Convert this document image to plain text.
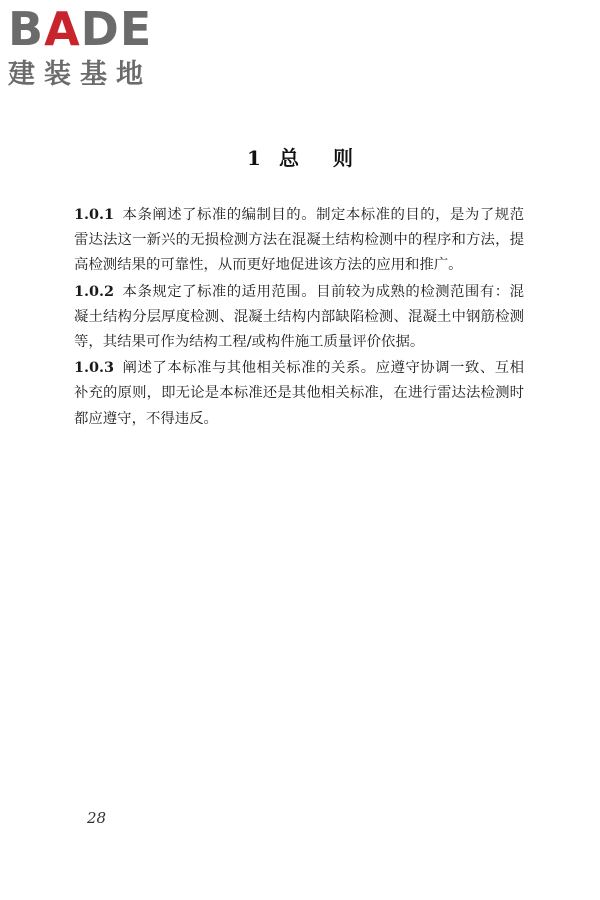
BADE
建装基地
1 总 则

1.0.1 本条阐述了标准的编制目的。制定本标准的目的，是为了规范雷达法这一新兴的无损检测方法在混凝土结构检测中的程序和方法，提高检测结果的可靠性，从而更好地促进该方法的应用和推广。

1.0.2 本条规定了标准的适用范围。目前较为成熟的检测范围有：混凝土结构分层厚度检测、混凝土结构内部缺陷检测、混凝土中钢筋检测等，其结果可作为结构工程/或构件施工质量评价依据。

1.0.3 阐述了本标准与其他相关标准的关系。应遵守协调一致、互相补充的原则，即无论是本标准还是其他相关标准，在进行雷达法检测时都应遵守，不得违反。

28
